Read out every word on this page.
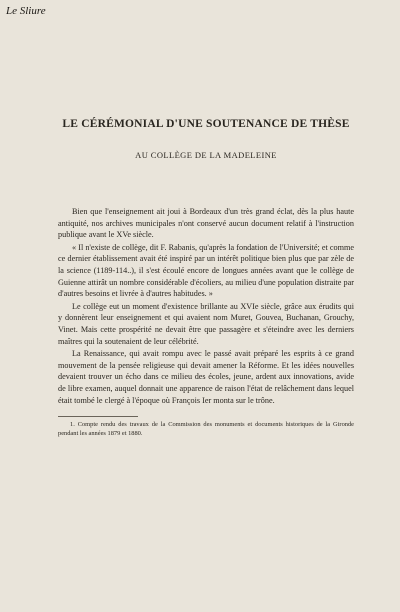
Le Sliure
LE CÉRÉMONIAL D'UNE SOUTENANCE DE THÈSE
AU COLLÈGE DE LA MADELEINE

Bien que l'enseignement ait joui à Bordeaux d'un très grand éclat, dès la plus haute antiquité, nos archives municipales n'ont conservé aucun document relatif à l'instruction publique avant le XVe siècle.

« Il n'existe de collège, dit F. Rabanis, qu'après la fondation de l'Université; et comme ce dernier établissement avait été inspiré par un intérêt politique bien plus que par zèle de la science (1189-114..), il s'est écoulé encore de longues années avant que le collège de Guienne attirât un nombre considérable d'écoliers, au milieu d'une population distraite par d'autres besoins et livrée à d'autres habitudes. »

Le collège eut un moment d'existence brillante au XVIe siècle, grâce aux érudits qui y donnèrent leur enseignement et qui avaient nom Muret, Gouvea, Buchanan, Grouchy, Vinet. Mais cette prospérité ne devait être que passagère et s'éteindre avec les derniers maîtres qui la soutenaient de leur célébrité.

La Renaissance, qui avait rompu avec le passé avait préparé les esprits à ce grand mouvement de la pensée religieuse qui devait amener la Réforme. Et les idées nouvelles devaient trouver un écho dans ce milieu des écoles, jeune, ardent aux innovations, avide de libre examen, auquel donnait une apparence de raison l'état de relâchement dans lequel était tombé le clergé à l'époque où François Ier monta sur le trône.

1. Compte rendu des travaux de la Commission des monuments et documents historiques de la Gironde pendant les années 1879 et 1880.
